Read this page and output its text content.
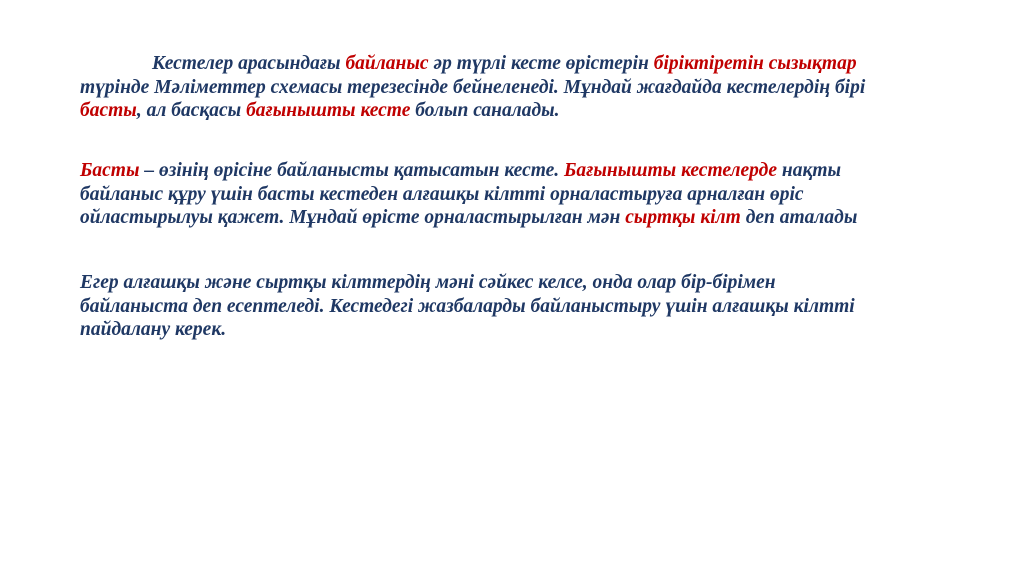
Кестелер арасындағы байланыс әр түрлі кесте өрістерін біріктіретін сызықтар
түрінде Мәліметтер схемасы терезесінде бейнеленеді. Мұндай жағдайда кестелердің бірі
басты, ал басқасы бағынышты кесте болып саналады.
Басты – өзінің өрісіне байланысты қатысатын кесте. Бағынышты кестелерде нақты
байланыс құру үшін басты кестеден алғашқы кілтті орналастыруға арналған өріс
ойластырылуы қажет. Мұндай өрісте орналастырылған мән сыртқы кілт деп аталады
Егер алғашқы және сыртқы кілттердің мәні сәйкес келсе, онда олар бір-бірімен
байланыста деп есептеледі. Кестедегі жазбаларды байланыстыру үшін алғашқы кілтті
пайдалану керек.
